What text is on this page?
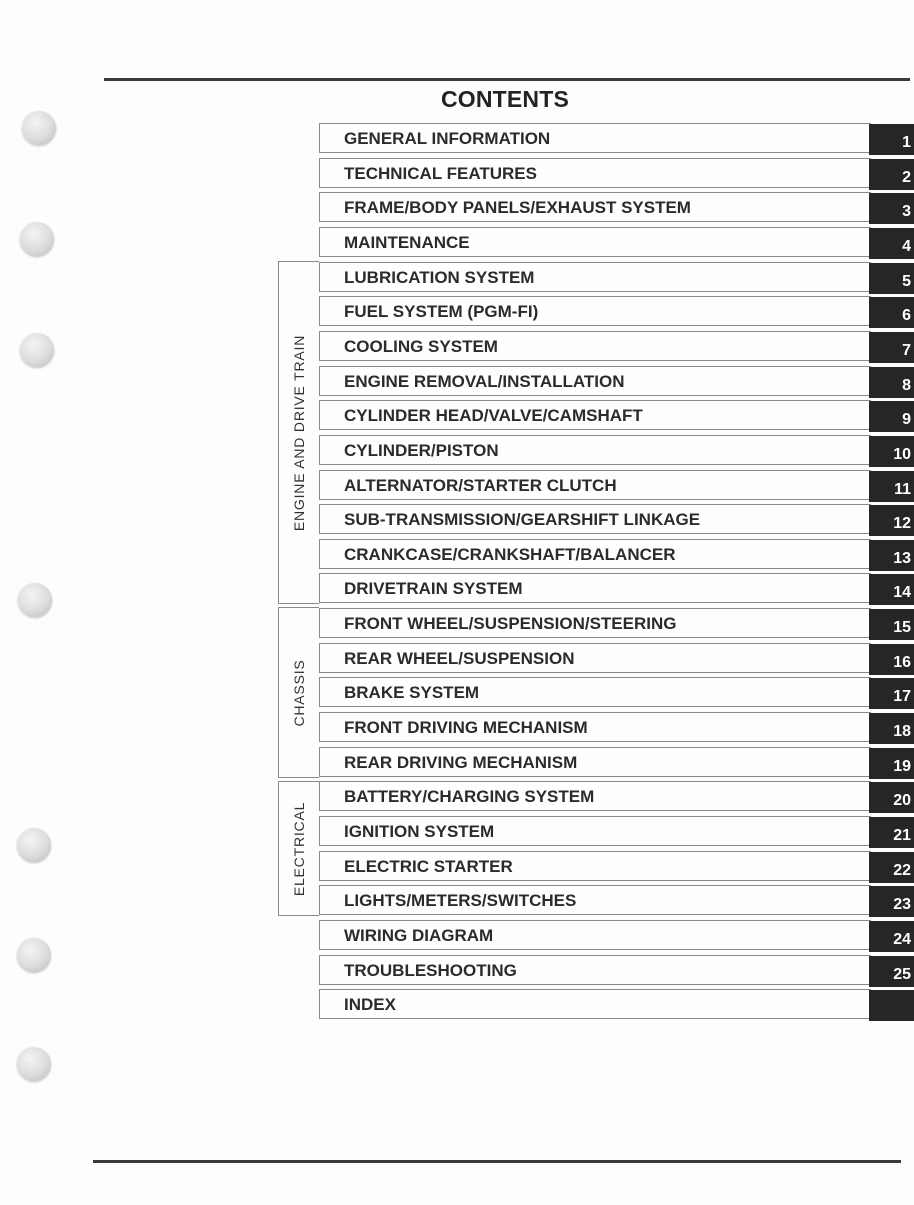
CONTENTS
ENGINE AND DRIVE TRAIN
CHASSIS
ELECTRICAL
GENERAL INFORMATION	1
TECHNICAL FEATURES	2
FRAME/BODY PANELS/EXHAUST SYSTEM	3
MAINTENANCE	4
LUBRICATION SYSTEM	5
FUEL SYSTEM (PGM-FI)	6
COOLING SYSTEM	7
ENGINE REMOVAL/INSTALLATION	8
CYLINDER HEAD/VALVE/CAMSHAFT	9
CYLINDER/PISTON	10
ALTERNATOR/STARTER CLUTCH	11
SUB-TRANSMISSION/GEARSHIFT LINKAGE	12
CRANKCASE/CRANKSHAFT/BALANCER	13
DRIVETRAIN SYSTEM	14
FRONT WHEEL/SUSPENSION/STEERING	15
REAR WHEEL/SUSPENSION	16
BRAKE SYSTEM	17
FRONT DRIVING MECHANISM	18
REAR DRIVING MECHANISM	19
BATTERY/CHARGING SYSTEM	20
IGNITION SYSTEM	21
ELECTRIC STARTER	22
LIGHTS/METERS/SWITCHES	23
WIRING DIAGRAM	24
TROUBLESHOOTING	25
INDEX
